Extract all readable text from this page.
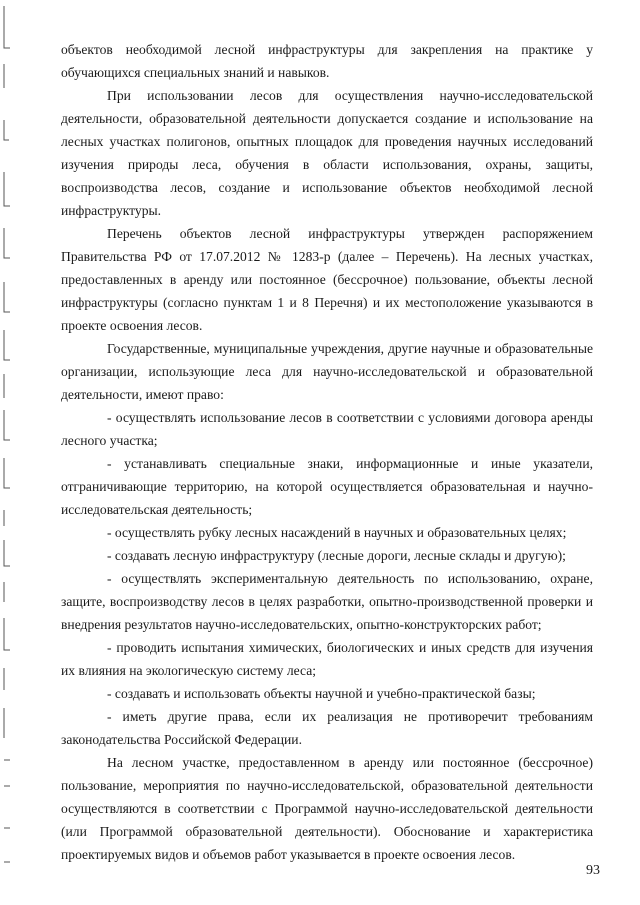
объектов необходимой лесной инфраструктуры для закрепления на практике у обучающихся специальных знаний и навыков.

При использовании лесов для осуществления научно-исследовательской деятельности, образовательной деятельности допускается создание и использование на лесных участках полигонов, опытных площадок для проведения научных исследований изучения природы леса, обучения в области использования, охраны, защиты, воспроизводства лесов, создание и использование объектов необходимой лесной инфраструктуры.

Перечень объектов лесной инфраструктуры утвержден распоряжением Правительства РФ от 17.07.2012 № 1283-р (далее – Перечень). На лесных участках, предоставленных в аренду или постоянное (бессрочное) пользование, объекты лесной инфраструктуры (согласно пунктам 1 и 8 Перечня) и их местоположение указываются в проекте освоения лесов.

Государственные, муниципальные учреждения, другие научные и образовательные организации, использующие леса для научно-исследовательской и образовательной деятельности, имеют право:

- осуществлять использование лесов в соответствии с условиями договора аренды лесного участка;

- устанавливать специальные знаки, информационные и иные указатели, отграничивающие территорию, на которой осуществляется образовательная и научно-исследовательская деятельность;

- осуществлять рубку лесных насаждений в научных и образовательных целях;

- создавать лесную инфраструктуру (лесные дороги, лесные склады и другую);

- осуществлять экспериментальную деятельность по использованию, охране, защите, воспроизводству лесов в целях разработки, опытно-производственной проверки и внедрения результатов научно-исследовательских, опытно-конструкторских работ;

- проводить испытания химических, биологических и иных средств для изучения их влияния на экологическую систему леса;

- создавать и использовать объекты научной и учебно-практической базы;

- иметь другие права, если их реализация не противоречит требованиям законодательства Российской Федерации.

На лесном участке, предоставленном в аренду или постоянное (бессрочное) пользование, мероприятия по научно-исследовательской, образовательной деятельности осуществляются в соответствии с Программой научно-исследовательской деятельности (или Программой образовательной деятельности). Обоснование и характеристика проектируемых видов и объемов работ указывается в проекте освоения лесов.

93
